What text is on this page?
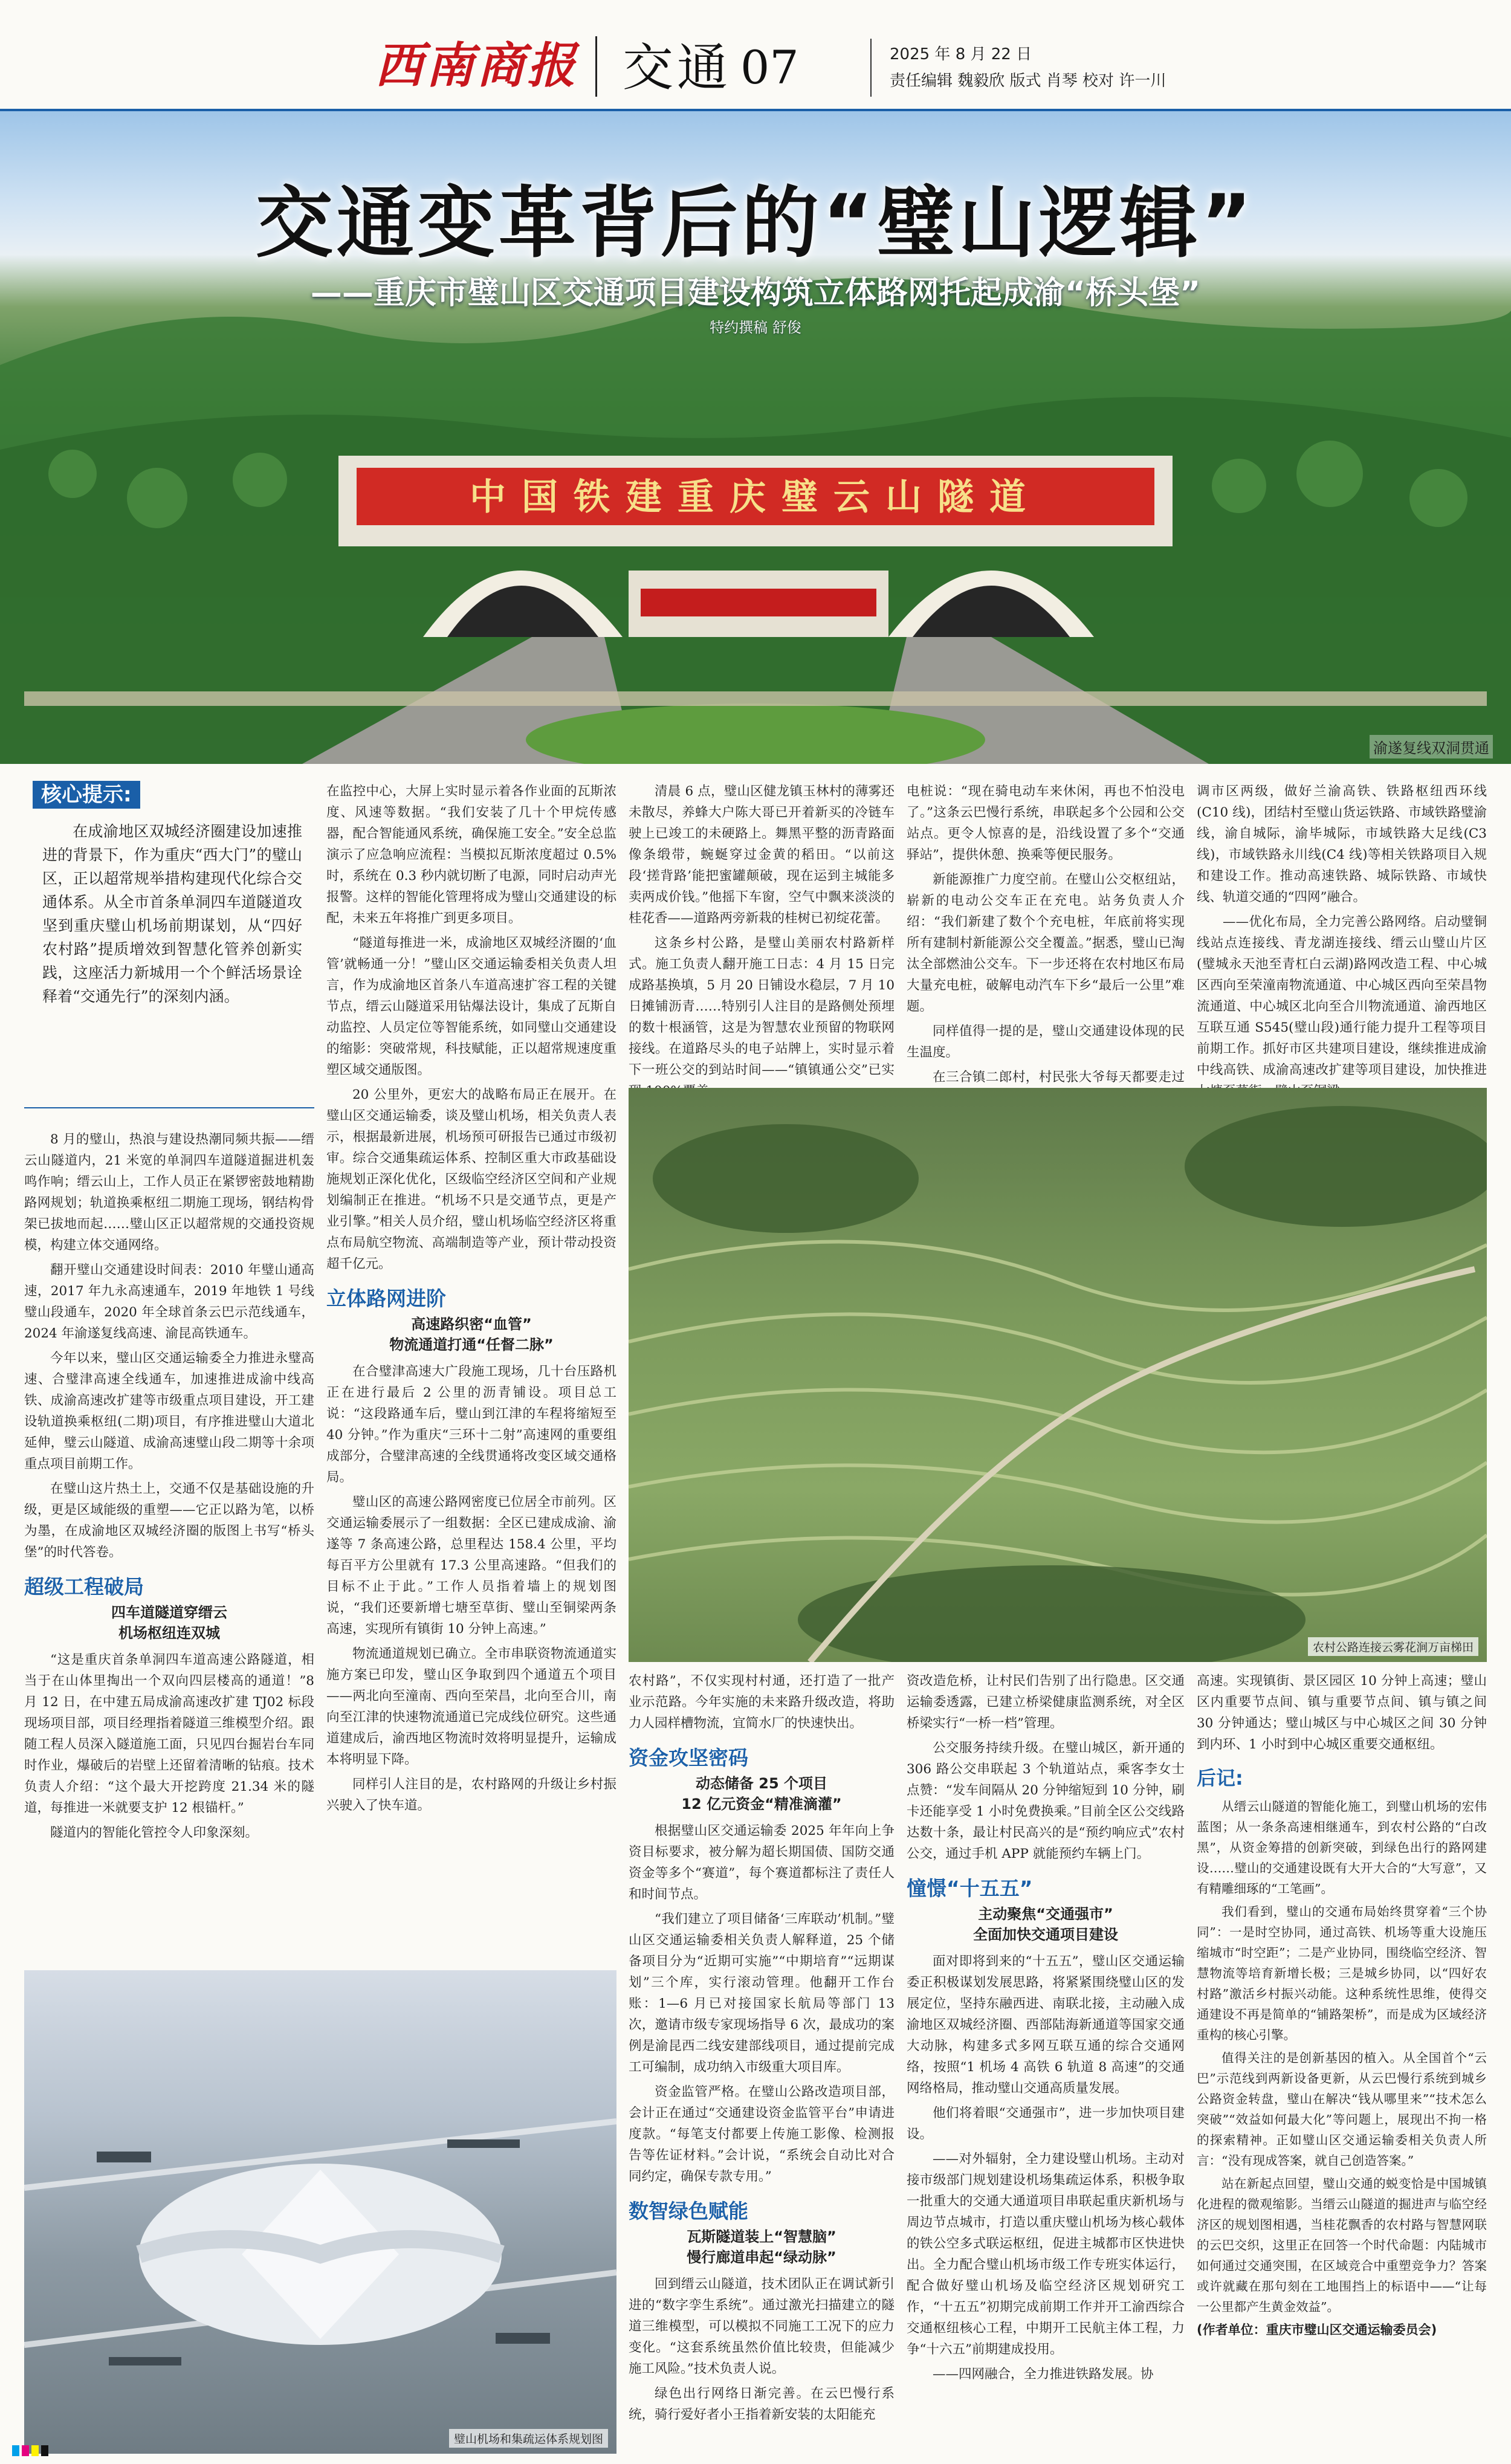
西南商报 交通 07	2025 年 8 月 22 日
责任编辑 魏毅欣 版式 肖琴 校对 许一川
中国铁建重庆璧云山隧道
渝遂复线双洞贯通
交通变革背后的“璧山逻辑”
——重庆市璧山区交通项目建设构筑立体路网托起成渝“桥头堡”
特约撰稿 舒俊
核心提示:

在成渝地区双城经济圈建设加速推进的背景下，作为重庆“西大门”的璧山区，正以超常规举措构建现代化综合交通体系。从全市首条单洞四车道隧道攻坚到重庆璧山机场前期谋划，从“四好农村路”提质增效到智慧化管养创新实践，这座活力新城用一个个鲜活场景诠释着“交通先行”的深刻内涵。

8 月的璧山，热浪与建设热潮同频共振——缙云山隧道内，21 米宽的单洞四车道隧道掘进机轰鸣作响；缙云山上，工作人员正在紧锣密鼓地精勘路网规划；轨道换乘枢纽二期施工现场，钢结构骨架已拔地而起……璧山区正以超常规的交通投资规模，构建立体交通网络。

翻开璧山交通建设时间表：2010 年璧山通高速，2017 年九永高速通车，2019 年地铁 1 号线璧山段通车，2020 年全球首条云巴示范线通车，2024 年渝遂复线高速、渝昆高铁通车。

今年以来，璧山区交通运输委全力推进永璧高速、合璧津高速全线通车，加速推进成渝中线高铁、成渝高速改扩建等市级重点项目建设，开工建设轨道换乘枢纽(二期)项目，有序推进璧山大道北延伸，璧云山隧道、成渝高速璧山段二期等十余项重点项目前期工作。

在璧山这片热土上，交通不仅是基础设施的升级，更是区域能级的重塑——它正以路为笔，以桥为墨，在成渝地区双城经济圈的版图上书写“桥头堡”的时代答卷。

超级工程破局
四车道隧道穿缙云
机场枢纽连双城

“这是重庆首条单洞四车道高速公路隧道，相当于在山体里掏出一个双向四层楼高的通道！”8 月 12 日，在中建五局成渝高速改扩建 TJ02 标段现场项目部，项目经理指着隧道三维模型介绍。跟随工程人员深入隧道施工面，只见四台掘岩台车同时作业，爆破后的岩壁上还留着清晰的钻痕。技术负责人介绍：“这个最大开挖跨度 21.34 米的隧道，每推进一米就要支护 12 根锚杆。”

隧道内的智能化管控令人印象深刻。

在监控中心，大屏上实时显示着各作业面的瓦斯浓度、风速等数据。“我们安装了几十个甲烷传感器，配合智能通风系统，确保施工安全。”安全总监演示了应急响应流程：当模拟瓦斯浓度超过 0.5%时，系统在 0.3 秒内就切断了电源，同时启动声光报警。这样的智能化管理将成为璧山交通建设的标配，未来五年将推广到更多项目。

“隧道每推进一米，成渝地区双城经济圈的‘血管’就畅通一分！”璧山区交通运输委相关负责人坦言，作为成渝地区首条八车道高速扩容工程的关键节点，缙云山隧道采用钻爆法设计，集成了瓦斯自动监控、人员定位等智能系统，如同璧山交通建设的缩影：突破常规，科技赋能，正以超常规速度重塑区域交通版图。

20 公里外，更宏大的战略布局正在展开。在璧山区交通运输委，谈及璧山机场，相关负责人表示，根据最新进展，机场预可研报告已通过市级初审。综合交通集疏运体系、控制区重大市政基础设施规划正深化优化，区级临空经济区空间和产业规划编制正在推进。“机场不只是交通节点，更是产业引擎。”相关人员介绍，璧山机场临空经济区将重点布局航空物流、高端制造等产业，预计带动投资超千亿元。

立体路网进阶
高速路织密“血管”
物流通道打通“任督二脉”

在合璧津高速大广段施工现场，几十台压路机正在进行最后 2 公里的沥青铺设。项目总工说：“这段路通车后，璧山到江津的车程将缩短至 40 分钟。”作为重庆“三环十二射”高速网的重要组成部分，合璧津高速的全线贯通将改变区域交通格局。

璧山区的高速公路网密度已位居全市前列。区交通运输委展示了一组数据：全区已建成成渝、渝遂等 7 条高速公路，总里程达 158.4 公里，平均每百平方公里就有 17.3 公里高速路。“但我们的目标不止于此。”工作人员指着墙上的规划图说，“我们还要新增七塘至草街、璧山至铜梁两条高速，实现所有镇街 10 分钟上高速。”

物流通道规划已确立。全市串联资物流通道实施方案已印发，璧山区争取到四个通道五个项目——两北向至潼南、西向至荣昌，北向至合川，南向至江津的快速物流通道已完成线位研究。这些通道建成后，渝西地区物流时效将明显提升，运输成本将明显下降。

同样引人注目的是，农村路网的升级让乡村振兴驶入了快车道。

璧山机场和集疏运体系规划图

清晨 6 点，璧山区健龙镇玉林村的薄雾还未散尽，养蜂大户陈大哥已开着新买的冷链车驶上已竣工的未硬路上。舞黑平整的沥青路面像条缎带，蜿蜒穿过金黄的稻田。“以前这段‘搓背路’能把蜜罐颠破，现在运到主城能多卖两成价钱。”他摇下车窗，空气中飘来淡淡的桂花香——道路两旁新栽的桂树已初绽花蕾。

这条乡村公路，是璧山美丽农村路新样式。施工负责人翻开施工日志：4 月 15 日完成路基换填，5 月 20 日铺设水稳层，7 月 10 日摊铺沥青……特别引人注目的是路侧处预埋的数十根涵管，这是为智慧农业预留的物联网接线。在道路尽头的电子站牌上，实时显示着下一班公交的到站时间——“镇镇通公交”已实

电桩说：“现在骑电动车来休闲，再也不怕没电了。”这条云巴慢行系统，串联起多个公园和公交站点。更令人惊喜的是，沿线设置了多个“交通驿站”，提供休憩、换乘等便民服务。

新能源推广力度空前。在璧山公交枢纽站，崭新的电动公交车正在充电。站务负责人介绍：“我们新建了数个个充电桩，年底前将实现所有建制村新能源公交全覆盖。”据悉，璧山已淘汰全部燃油公交车。下一步还将在农村地区布局大量充电桩，破解电动汽车下乡“最后一公里”难题。

同样值得一提的是，璧山交通建设体现的民生温度。

在三合镇二郎村，村民张大爷每天都要走过

调市区两级，做好兰渝高铁、铁路枢纽西环线(C10 线)，团结村至璧山货运铁路、市域铁路璧渝线，渝自城际，渝毕城际，市域铁路大足线(C3 线)，市域铁路永川线(C4 线)等相关铁路项目入规和建设工作。推动高速铁路、城际铁路、市域快线、轨道交通的“四网”融合。

——优化布局，全力完善公路网络。启动璧铜线站点连接线、青龙湖连接线、缙云山璧山片区(璧城永天池至青杠白云湖)路网改造工程、中心城区西向至荣潼南物流通道、中心城区西向至荣昌物流通道、中心城区北向至合川物流通道、渝西地区互联互通 S545(璧山段)通行能力提升工程等项目前期工作。抓好市区共建项目建设，继续推进成渝中线高铁、成渝高速改扩建等项目建设，加快推进

农村公路连接云雾花涧万亩梯田

农村路”，不仅实现村村通，还打造了一批产业示范路。今年实施的未来路升级改造，将助力人园样槽物流，宜简水厂的快速快出。

资金攻坚密码
动态储备 25 个项目
12 亿元资金“精准滴灌”

根据璧山区交通运输委 2025 年年向上争资目标要求，被分解为超长期国债、国防交通资金等多个“赛道”，每个赛道都标注了责任人和时间节点。

“我们建立了项目储备‘三库联动’机制。”璧山区交通运输委相关负责人解释道，25 个储备项目分为“近期可实施”“中期培育”“远期谋划”三个库，实行滚动管理。他翻开工作台账：1—6 月已对接国家长航局等部门 13 次，邀请市级专家现场指导 6 次，最成功的案例是渝昆西二线安建部线项目，通过提前完成工可编制，成功纳入市级重大项目库。

资金监管严格。在璧山公路改造项目部，会计正在通过“交通建设资金监管平台”申请进度款。“每笔支付都要上传施工影像、检测报告等佐证材料。”会计说，“系统会自动比对合同约定，确保专款专用。”

数智绿色赋能
瓦斯隧道装上“智慧脑”
慢行廊道串起“绿动脉”

回到缙云山隧道，技术团队正在调试新引进的“数字孪生系统”。通过激光扫描建立的隧道三维模型，可以模拟不同施工工况下的应力变化。“这套系统虽然价值比较贵，但能减少施工风险。”技术负责人说。

绿色出行网络日渐完善。在云巴慢行系统，骑行爱好者小王指着新安装的太阳能充

资改造危桥，让村民们告别了出行隐患。区交通运输委透露，已建立桥梁健康监测系统，对全区桥梁实行“一桥一档”管理。

公交服务持续升级。在璧山城区，新开通的 306 路公交串联起 3 个轨道站点，乘客李女士点赞：“发车间隔从 20 分钟缩短到 10 分钟，刷卡还能享受 1 小时免费换乘。”目前全区公交线路达数十条，最让村民高兴的是“预约响应式”农村公交，通过手机 APP 就能预约车辆上门。

憧憬“十五五”
主动聚焦“交通强市”
全面加快交通项目建设

面对即将到来的“十五五”，璧山区交通运输委正积极谋划发展思路，将紧紧围绕璧山区的发展定位，坚持东融西进、南联北接，主动融入成渝地区双城经济圈、西部陆海新通道等国家交通大动脉，构建多式多网互联互通的综合交通网络，按照“1 机场 4 高铁 6 轨道 8 高速”的交通网络格局，推动璧山交通高质量发展。

他们将着眼“交通强市”，进一步加快项目建设。

——对外辐射，全力建设璧山机场。主动对接市级部门规划建设机场集疏运体系，积极争取一批重大的交通大通道项目串联起重庆新机场与周边节点城市，打造以重庆璧山机场为核心载体的铁公空多式联运枢纽，促进主城都市区快进快出。全力配合璧山机场市级工作专班实体运行，配合做好璧山机场及临空经济区规划研究工作，“十五五”初期完成前期工作并开工渝西综合交通枢纽核心工程，中期开工民航主体工程，力争“十六五”前期建成投用。

——四网融合，全力推进铁路发展。协

高速。实现镇街、景区园区 10 分钟上高速；璧山区内重要节点间、镇与重要节点间、镇与镇之间 30 分钟通达；璧山城区与中心城区之间 30 分钟到内环、1 小时到中心城区重要交通枢纽。

后记:

从缙云山隧道的智能化施工，到璧山机场的宏伟蓝图；从一条条高速相继通车，到农村公路的“白改黑”，从资金筹措的创新突破，到绿色出行的路网建设……璧山的交通建设既有大开大合的“大写意”，又有精雕细琢的“工笔画”。

我们看到，璧山的交通布局始终贯穿着“三个协同”：一是时空协同，通过高铁、机场等重大设施压缩城市“时空距”；二是产业协同，围绕临空经济、智慧物流等培育新增长极；三是城乡协同，以“四好农村路”激活乡村振兴动能。这种系统性思维，使得交通建设不再是简单的“铺路架桥”，而是成为区域经济重构的核心引擎。

值得关注的是创新基因的植入。从全国首个“云巴”示范线到两新设备更新，从云巴慢行系统到城乡公路资金转盘，璧山在解决“钱从哪里来”“技术怎么突破”“效益如何最大化”等问题上，展现出不拘一格的探索精神。正如璧山区交通运输委相关负责人所言：“没有现成答案，就自己创造答案。”

站在新起点回望，璧山交通的蜕变恰是中国城镇化进程的微观缩影。当缙云山隧道的掘进声与临空经济区的规划图相遇，当桂花飘香的农村路与智慧网联的云巴交织，这里正在回答一个时代命题：内陆城市如何通过交通突围，在区域竞合中重塑竞争力？答案或许就藏在那句刻在工地围挡上的标语中——“让每一公里都产生黄金效益”。

(作者单位：重庆市璧山区交通运输委员会)
